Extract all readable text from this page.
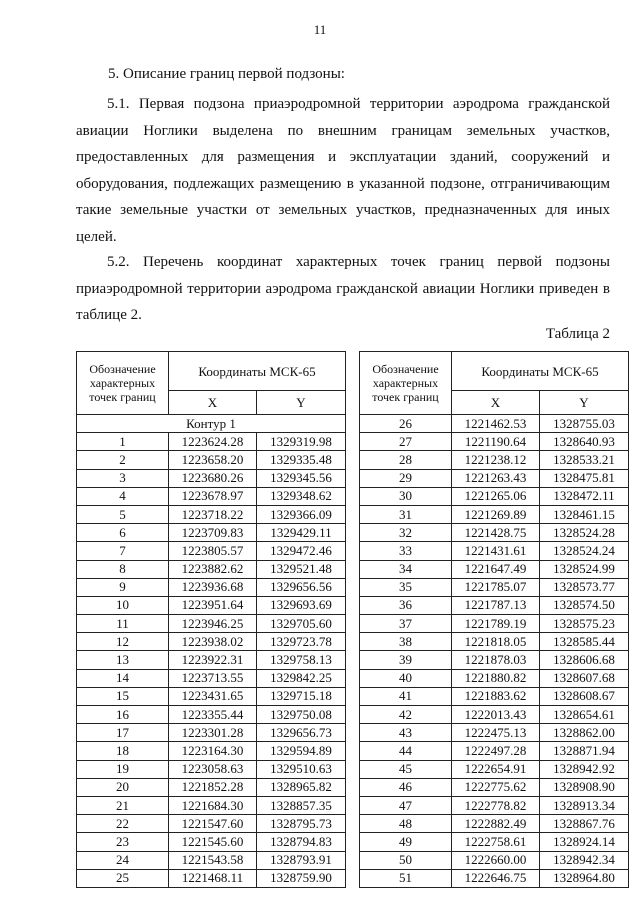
11
5. Описание границ первой подзоны:

5.1. Первая подзона приаэродромной территории аэродрома гражданской авиации Ноглики выделена по внешним границам земельных участков, предоставленных для размещения и эксплуатации зданий, сооружений и оборудования, подлежащих размещению в указанной подзоне, отграничивающим такие земельные участки от земельных участков, предназначенных для иных целей.

5.2. Перечень координат характерных точек границ первой подзоны приаэродромной территории аэродрома гражданской авиации Ноглики приведен в таблице 2.

Таблица 2
Обозначение характерных точек границ	Координаты МСК-65	
	X	Y
Контур 1		
1	1223624.28	1329319.98
2	1223658.20	1329335.48
3	1223680.26	1329345.56
4	1223678.97	1329348.62
5	1223718.22	1329366.09
6	1223709.83	1329429.11
7	1223805.57	1329472.46
8	1223882.62	1329521.48
9	1223936.68	1329656.56
10	1223951.64	1329693.69
11	1223946.25	1329705.60
12	1223938.02	1329723.78
13	1223922.31	1329758.13
14	1223713.55	1329842.25
15	1223431.65	1329715.18
16	1223355.44	1329750.08
17	1223301.28	1329656.73
18	1223164.30	1329594.89
19	1223058.63	1329510.63
20	1221852.28	1328965.82
21	1221684.30	1328857.35
22	1221547.60	1328795.73
23	1221545.60	1328794.83
24	1221543.58	1328793.91
25	1221468.11	1328759.90
Обозначение характерных точек границ	Координаты МСК-65	
	X	Y
26	1221462.53	1328755.03
27	1221190.64	1328640.93
28	1221238.12	1328533.21
29	1221263.43	1328475.81
30	1221265.06	1328472.11
31	1221269.89	1328461.15
32	1221428.75	1328524.28
33	1221431.61	1328524.24
34	1221647.49	1328524.99
35	1221785.07	1328573.77
36	1221787.13	1328574.50
37	1221789.19	1328575.23
38	1221818.05	1328585.44
39	1221878.03	1328606.68
40	1221880.82	1328607.68
41	1221883.62	1328608.67
42	1222013.43	1328654.61
43	1222475.13	1328862.00
44	1222497.28	1328871.94
45	1222654.91	1328942.92
46	1222775.62	1328908.90
47	1222778.82	1328913.34
48	1222882.49	1328867.76
49	1222758.61	1328924.14
50	1222660.00	1328942.34
51	1222646.75	1328964.80
